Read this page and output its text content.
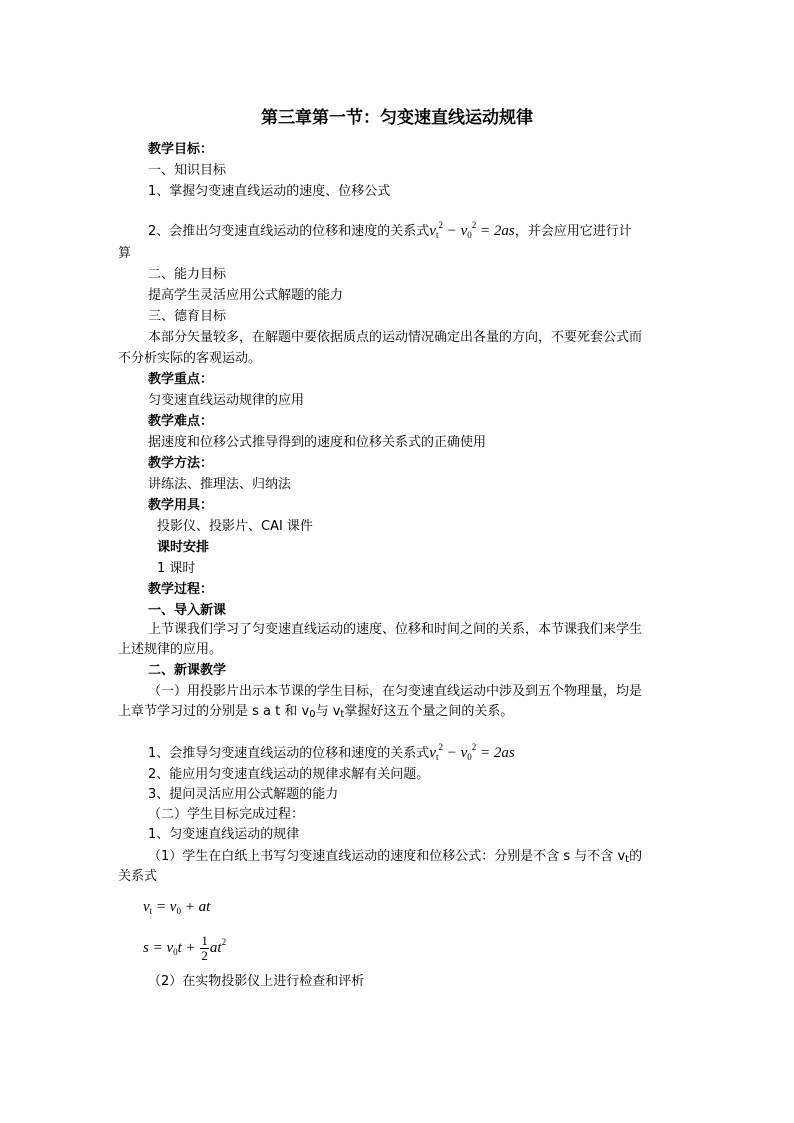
第三章第一节：匀变速直线运动规律
教学目标：
一、知识目标
1、掌握匀变速直线运动的速度、位移公式
2、会推出匀变速直线运动的位移和速度的关系式$v_t^2 - v_0^2 = 2as$，并会应用它进行计
算
二、能力目标
提高学生灵活应用公式解题的能力
三、德育目标
本部分矢量较多，在解题中要依据质点的运动情况确定出各量的方向，不要死套公式而
不分析实际的客观运动。
教学重点：
匀变速直线运动规律的应用
教学难点：
据速度和位移公式推导得到的速度和位移关系式的正确使用
教学方法：
讲练法、推理法、归纳法
教学用具：
投影仪、投影片、CAI 课件
课时安排
1 课时
教学过程：
一、导入新课
上节课我们学习了匀变速直线运动的速度、位移和时间之间的关系，本节课我们来学生
上述规律的应用。
二、新课教学
（一）用投影片出示本节课的学生目标，在匀变速直线运动中涉及到五个物理量，均是
上章节学习过的分别是 s a t 和 $v_0$与 $v_t$掌握好这五个量之间的关系。
1、会推导匀变速直线运动的位移和速度的关系式$v_t^2 - v_0^2 = 2as$
2、能应用匀变速直线运动的规律求解有关问题。
3、提问灵活应用公式解题的能力
（二）学生目标完成过程：
1、匀变速直线运动的规律
（1）学生在白纸上书写匀变速直线运动的速度和位移公式：分别是不含 s 与不含 $v_t$的
关系式
$v_t = v_0$ + at
$s = v_0t + \frac{1}{2} at^2$
（2）在实物投影仪上进行检查和评析
